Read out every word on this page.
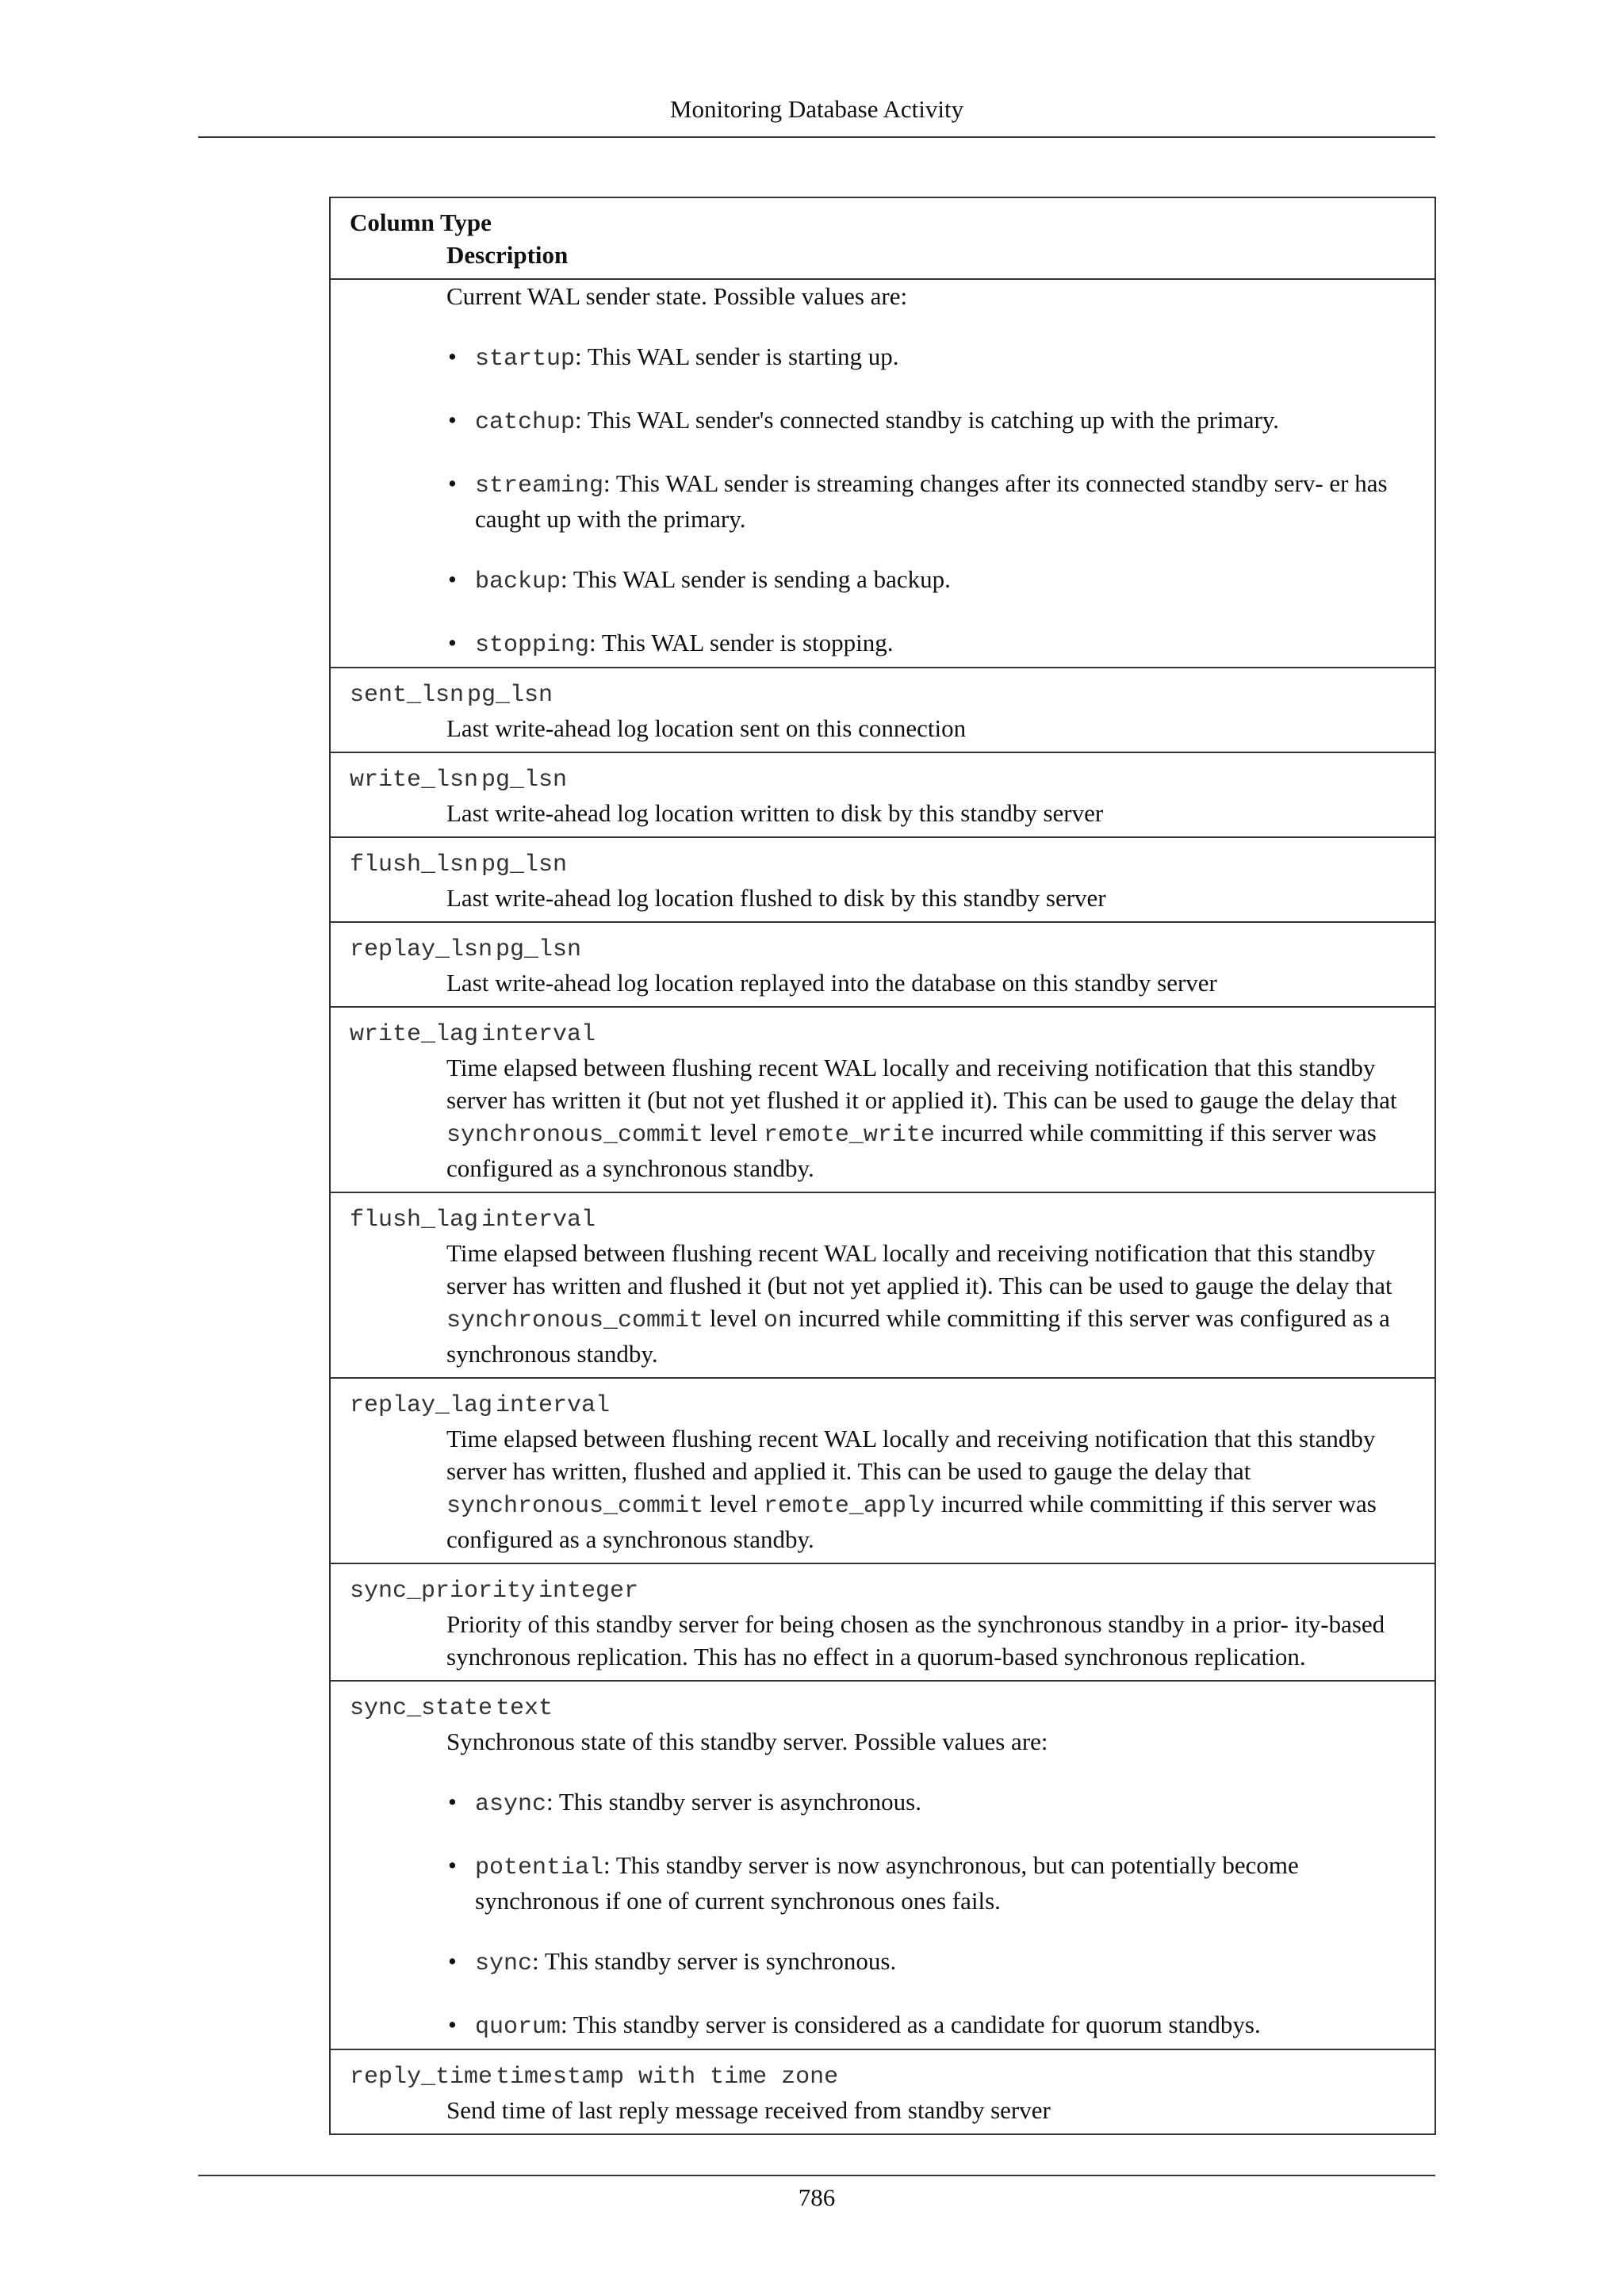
Monitoring Database Activity
Column Type
Description

Current WAL sender state. Possible values are:
• startup: This WAL sender is starting up.
• catchup: This WAL sender's connected standby is catching up with the primary.
• streaming: This WAL sender is streaming changes after its connected standby serv- er has caught up with the primary.
• backup: This WAL sender is sending a backup.
• stopping: This WAL sender is stopping.

sent_lsn pg_lsn
Last write-ahead log location sent on this connection

write_lsn pg_lsn
Last write-ahead log location written to disk by this standby server

flush_lsn pg_lsn
Last write-ahead log location flushed to disk by this standby server

replay_lsn pg_lsn
Last write-ahead log location replayed into the database on this standby server

write_lag interval
Time elapsed between flushing recent WAL locally and receiving notification that this standby server has written it (but not yet flushed it or applied it). This can be used to gauge the delay that synchronous_commit level remote_write incurred while committing if this server was configured as a synchronous standby.

flush_lag interval
Time elapsed between flushing recent WAL locally and receiving notification that this standby server has written and flushed it (but not yet applied it). This can be used to gauge the delay that synchronous_commit level on incurred while committing if this server was configured as a synchronous standby.

replay_lag interval
Time elapsed between flushing recent WAL locally and receiving notification that this standby server has written, flushed and applied it. This can be used to gauge the delay that synchronous_commit level remote_apply incurred while committing if this server was configured as a synchronous standby.

sync_priority integer
Priority of this standby server for being chosen as the synchronous standby in a prior- ity-based synchronous replication. This has no effect in a quorum-based synchronous replication.

sync_state text
Synchronous state of this standby server. Possible values are:
• async: This standby server is asynchronous.
• potential: This standby server is now asynchronous, but can potentially become synchronous if one of current synchronous ones fails.
• sync: This standby server is synchronous.
• quorum: This standby server is considered as a candidate for quorum standbys.

reply_time timestamp with time zone
Send time of last reply message received from standby server
786
